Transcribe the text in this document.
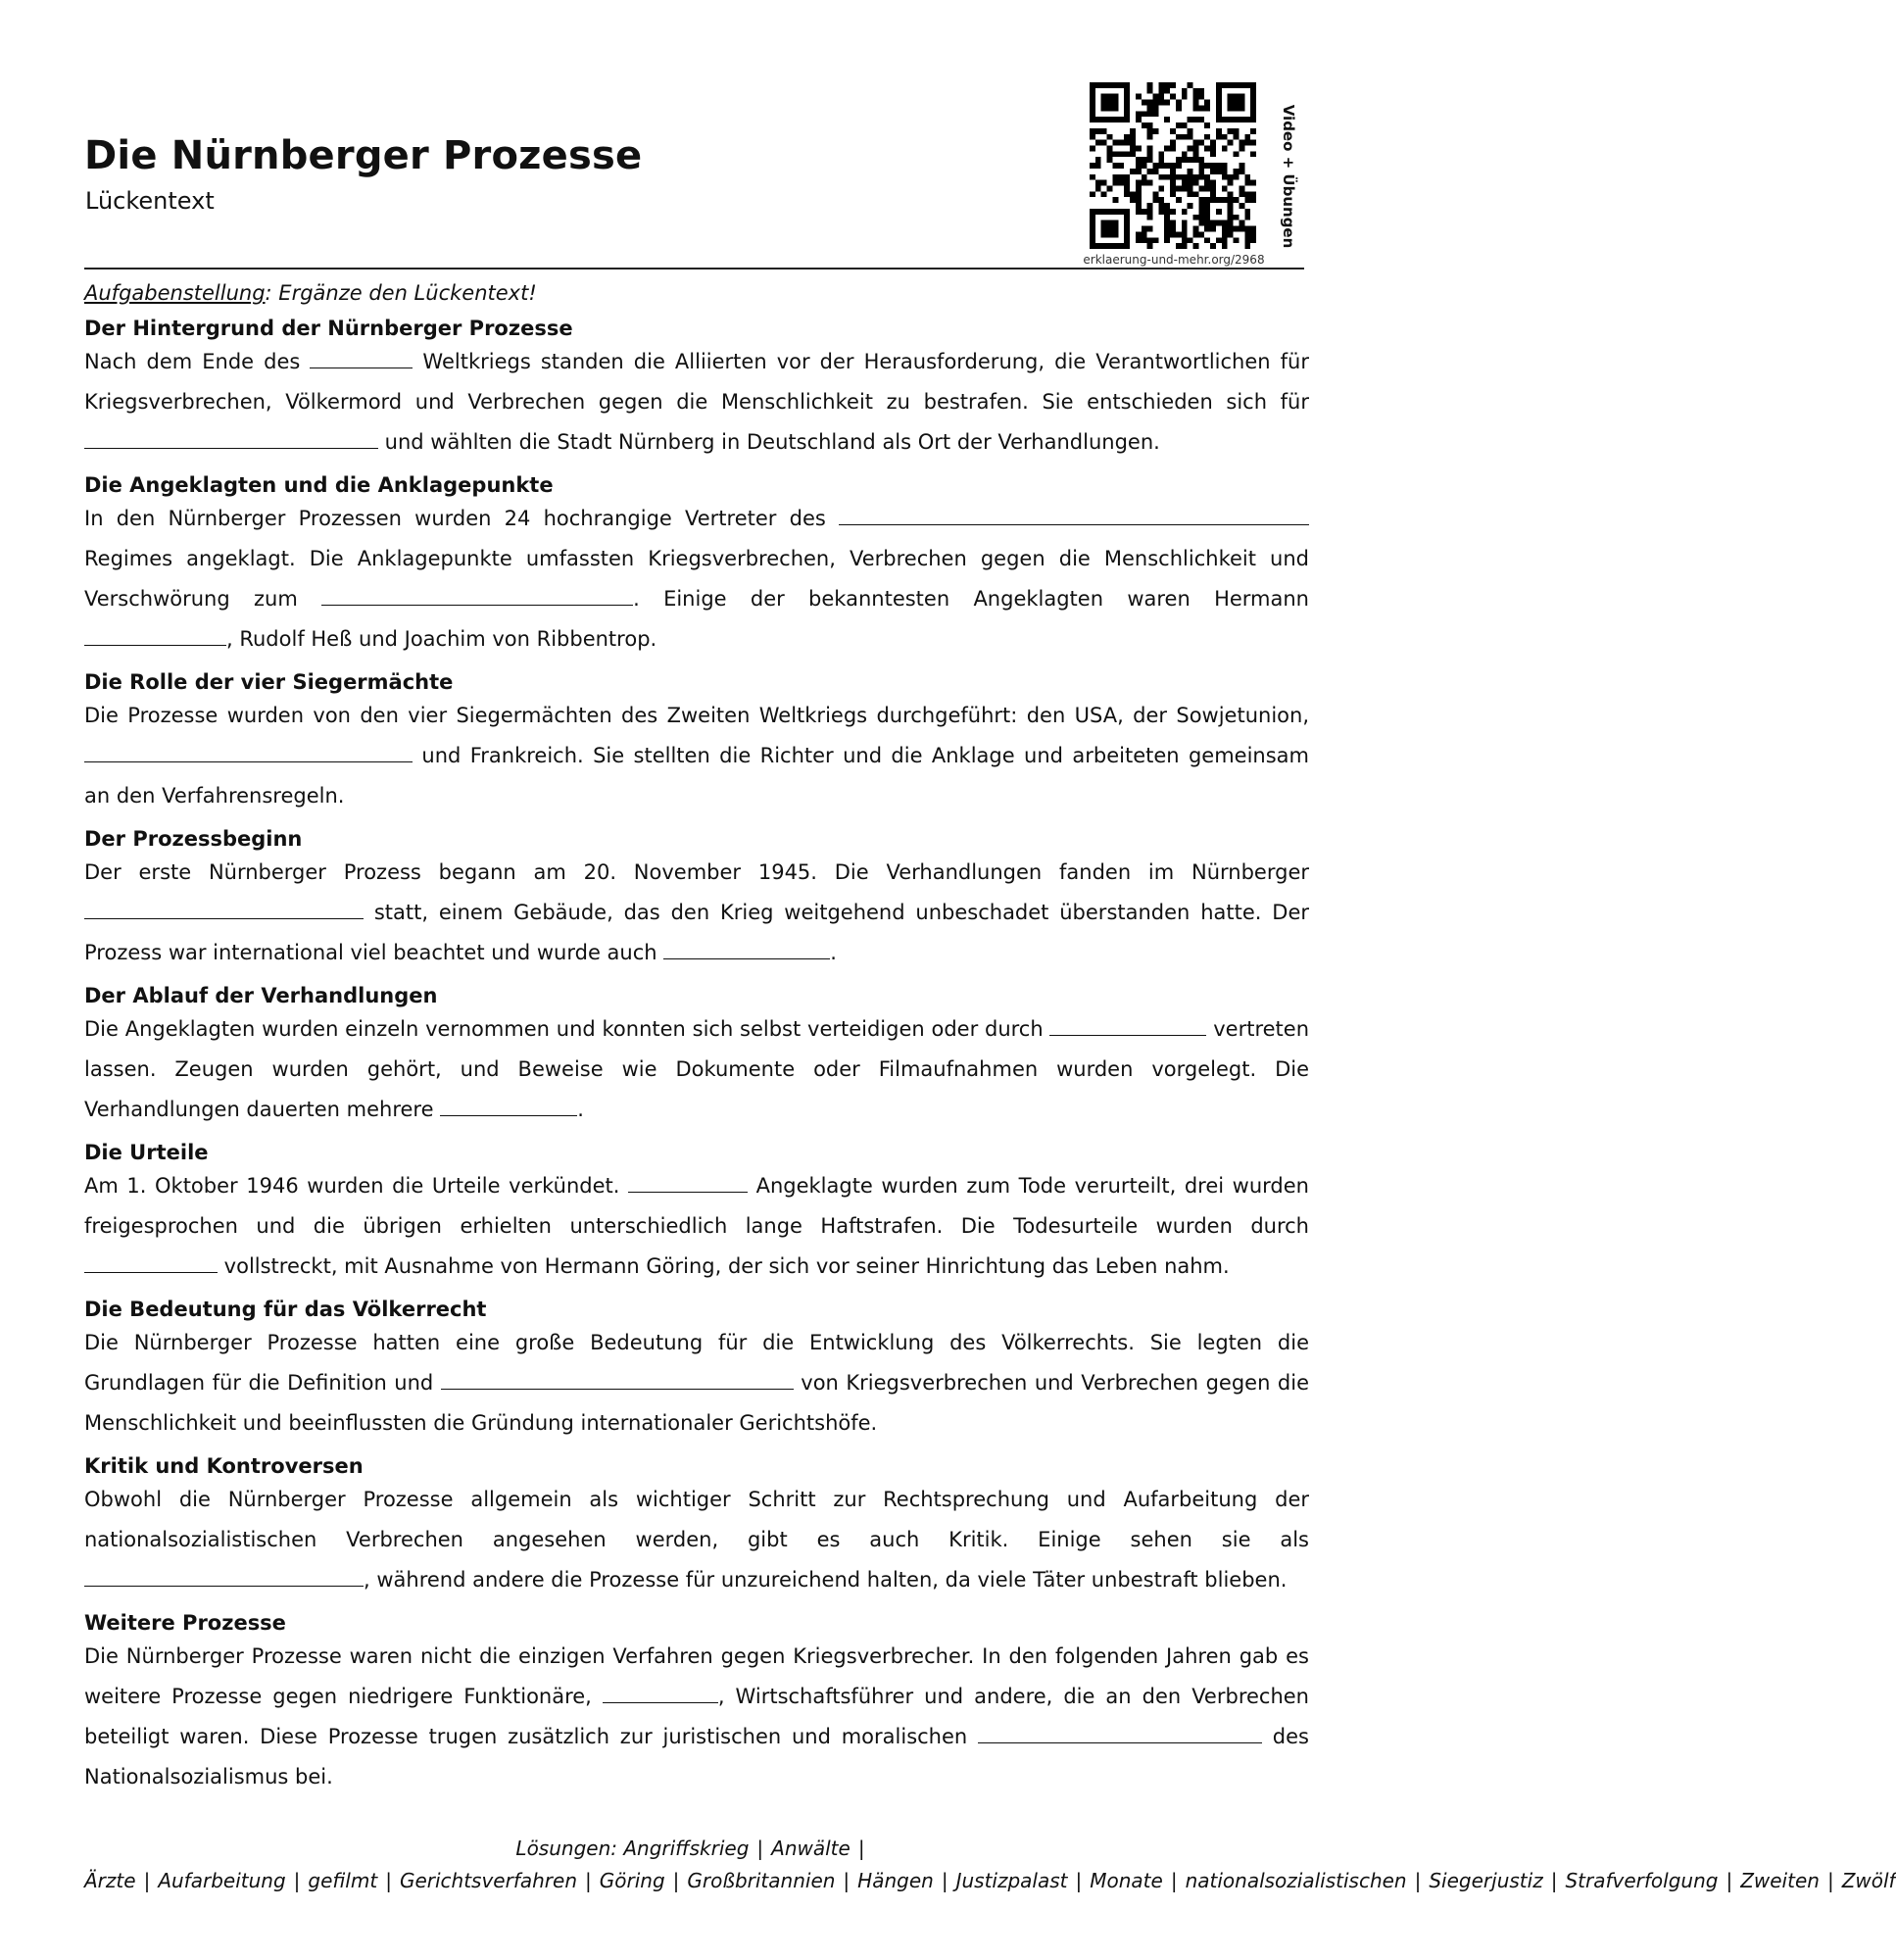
Die Nürnberger Prozesse
Lückentext
erklaerung-und-mehr.org/2968
Video + Übungen

Aufgabenstellung: Ergänze den Lückentext!

Der Hintergrund der Nürnberger Prozesse

Nach dem Ende des	Weltkriegs standen die Alliierten vor der Herausforderung, die Verantwortlichen für Kriegsverbrechen, Völkermord und Verbrechen gegen die Menschlichkeit zu bestrafen. Sie entschieden sich für  und wählten die Stadt Nürnberg in Deutschland als Ort der Verhandlungen.

Die Angeklagten und die Anklagepunkte

In den Nürnberger Prozessen wurden 24 hochrangige Vertreter des  Regimes angeklagt. Die Anklagepunkte umfassten Kriegsverbrechen, Verbrechen gegen die Menschlichkeit und Verschwörung zum	. Einige der bekanntesten Angeklagten waren Hermann , Rudolf Heß und Joachim von Ribbentrop.

Die Rolle der vier Siegermächte

Die Prozesse wurden von den vier Siegermächten des Zweiten Weltkriegs durchgeführt: den USA, der Sowjetunion,  und Frankreich. Sie stellten die Richter und die Anklage und arbeiteten gemeinsam an den Verfahrensregeln.

Der Prozessbeginn

Der erste Nürnberger Prozess begann am 20. November 1945. Die Verhandlungen fanden im Nürnberger  statt, einem Gebäude, das den Krieg weitgehend unbeschadet überstanden hatte. Der Prozess war international viel beachtet und wurde auch	.

Der Ablauf der Verhandlungen

Die Angeklagten wurden einzeln vernommen und konnten sich selbst verteidigen oder durch	vertreten lassen. Zeugen wurden gehört, und Beweise wie Dokumente oder Filmaufnahmen wurden vorgelegt. Die Verhandlungen dauerten mehrere	.

Die Urteile

Am 1. Oktober 1946 wurden die Urteile verkündet.	Angeklagte wurden zum Tode verurteilt, drei wurden freigesprochen und die übrigen erhielten unterschiedlich lange Haftstrafen. Die Todesurteile wurden durch  vollstreckt, mit Ausnahme von Hermann Göring, der sich vor seiner Hinrichtung das Leben nahm.

Die Bedeutung für das Völkerrecht

Die Nürnberger Prozesse hatten eine große Bedeutung für die Entwicklung des Völkerrechts. Sie legten die Grundlagen für die Definition und	von Kriegsverbrechen und Verbrechen gegen die Menschlichkeit und beeinflussten die Gründung internationaler Gerichtshöfe.

Kritik und Kontroversen

Obwohl die Nürnberger Prozesse allgemein als wichtiger Schritt zur Rechtsprechung und Aufarbeitung der nationalsozialistischen Verbrechen angesehen werden, gibt es auch Kritik. Einige sehen sie als , während andere die Prozesse für unzureichend halten, da viele Täter unbestraft blieben.

Weitere Prozesse

Die Nürnberger Prozesse waren nicht die einzigen Verfahren gegen Kriegsverbrecher. In den folgenden Jahren gab es weitere Prozesse gegen niedrigere Funktionäre,	, Wirtschaftsführer und andere, die an den Verbrechen beteiligt waren. Diese Prozesse trugen zusätzlich zur juristischen und moralischen	des Nationalsozialismus bei.

Lösungen: Angriffskrieg | Anwälte |Ärzte | Aufarbeitung | gefilmt | Gerichtsverfahren | Göring | Großbritannien | Hängen | Justizpalast | Monate | nationalsozialistischen | Siegerjustiz | Strafverfolgung | Zweiten | Zwölf
